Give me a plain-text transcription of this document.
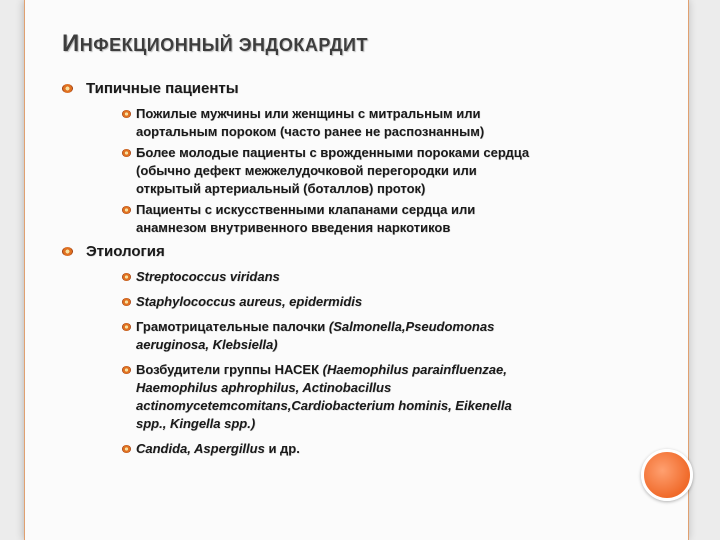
ИНФЕКЦИОННЫЙ ЭНДОКАРДИТ
Типичные пациенты
Пожилые мужчины или женщины с митральным или
аортальным пороком (часто ранее не распознанным)
Более молодые пациенты с врожденными пороками сердца
(обычно дефект межжелудочковой перегородки или
открытый артериальный (боталлов) проток)
Пациенты с искусственными клапанами сердца или
анамнезом внутривенного введения наркотиков
Этиология
Streptococcus viridans
Staphylococcus aureus, epidermidis
Грамотрицательные палочки (Salmonella,Pseudomonas
aeruginosa, Klebsiella)
Возбудители группы НАСЕК (Haemophilus parainfluenzae,
Haemophilus aphrophilus, Actinobacillus
actinomycetemcomitans,Cardiobacterium hominis, Eikenella
spp., Kingella spp.)
Candida, Aspergillus и др.
